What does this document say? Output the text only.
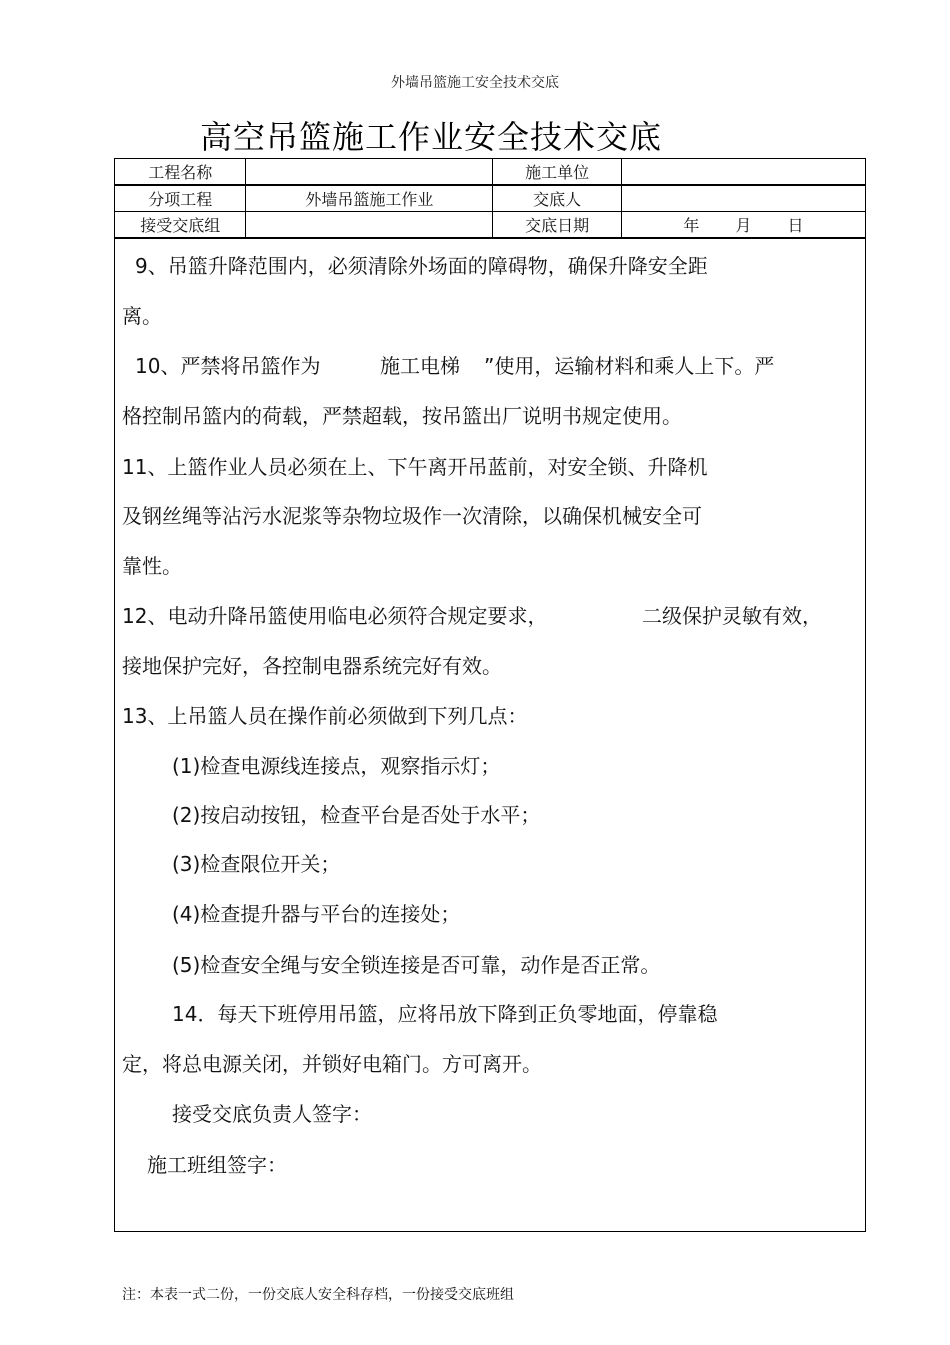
外墙吊篮施工安全技术交底
高空吊篮施工作业安全技术交底
工程名称		施工单位	
分项工程	外墙吊篮施工作业	交底人	
接受交底组		交底日期	年 月 日
9、吊篮升降范围内，必须清除外场面的障碍物，确保升降安全距
离。
10、严禁将吊篮作为	施工电梯 ”使用，运输材料和乘人上下。严
格控制吊篮内的荷载，严禁超载，按吊篮出厂说明书规定使用。
11、上篮作业人员必须在上、下午离开吊蓝前，对安全锁、升降机
及钢丝绳等沾污水泥浆等杂物垃圾作一次清除，以确保机械安全可
靠性。
12、电动升降吊篮使用临电必须符合规定要求，	二级保护灵敏有效，
接地保护完好，各控制电器系统完好有效。
13、上吊篮人员在操作前必须做到下列几点：
(1)检查电源线连接点，观察指示灯；
(2)按启动按钮，检查平台是否处于水平；
(3)检查限位开关；
(4)检查提升器与平台的连接处；
(5)检查安全绳与安全锁连接是否可靠，动作是否正常。
14．每天下班停用吊篮，应将吊放下降到正负零地面，停靠稳
定，将总电源关闭，并锁好电箱门。方可离开。
接受交底负责人签字：
施工班组签字：
注：本表一式二份，一份交底人安全科存档，一份接受交底班组
